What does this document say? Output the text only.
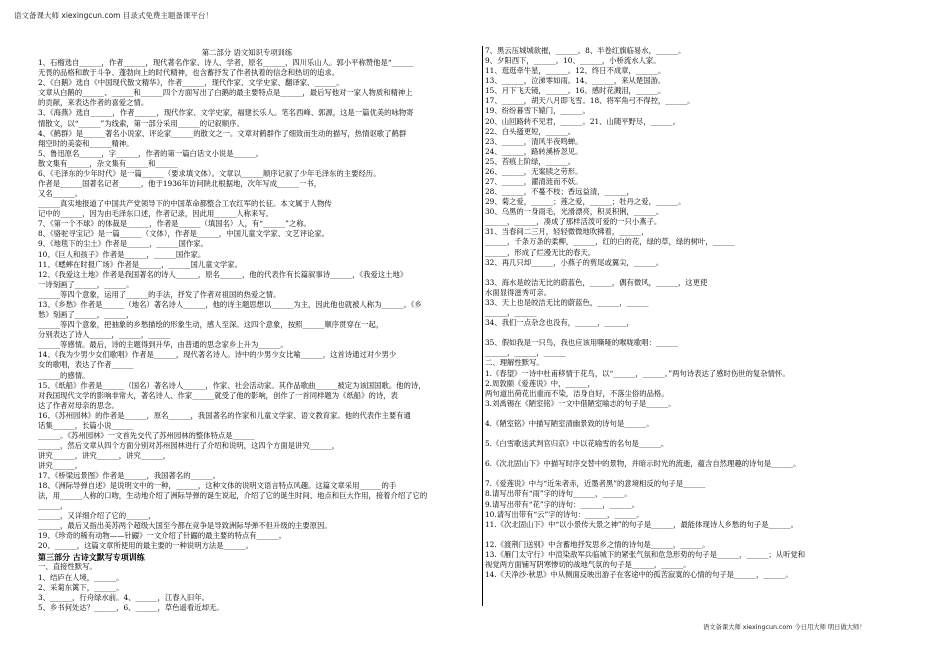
语文备课大师 xiexingcun.com 目录式免费主题备课平台！

第二部分 语文知识专项训练

1、石榴选自______，作者______，现代著名作家、诗人、学者，原名______，四川乐山人。郭小平称赞他是“______

无畏的品格和敢于斗争、蓬勃向上的时代精神，也含蓄抒发了作者执着的信念和热切的追求。

2、《白鹅》选自《中国现代散文精华》，作者______，现代作家、文学史家、翻译家、______。

文章从白鹅的______、______和______四个方面写出了白鹅的最主要特点是______，最后写他对一家人物质和精神上

的贡献，来表达作者的喜爱之情。

3、《海燕》选自______，作者______，现代作家、文学史家，福建长乐人。笔名西峰、郭源，这是一篇优美的咏物寄

情散文，以“______”为线索，第一部分采用______的记叙顺序。

4、《鹤群》是______著名小说家、评论家______的散文之一。文章对鹤群作了细致而生动的描写，热情讴歌了鹤群

翔空时的美姿和______精神。

5、鲁迅原名______，字______，作者的第一篇白话文小说是______。

散文集有______，杂文集有______和______

6、《毛泽东的少年时代》是一篇______（要求填文体）。文章以______顺序记叙了少年毛泽东的主要经历。

作者是______国著名记者______，他于1936年访问陕北根据地，次年写成______一书，

又名______。

______真实地报道了中国共产党领导下的中国革命都整合工农红军的长征。本文属于人物传

记中的______，因为由毛泽东口述，作者记录，因此用______人称来写。

7、《第一个不球》的体裁是______，作者是______（填国名）人，有“______”之称。

8、《骆驼寻宝记》是一篇______（文体），作者是______，中国儿童文学家、文艺评论家。

9、《地毯下的尘土》作者是______，______国作家。

10、《巨人和孩子》作者是______，______国作家。

11、《蟋蟀在时报广场》作者是______，______国儿童文学家。

12、《我爱这土地》作者是我国著名的诗人______，原名______，他的代表作有长篇叙事诗______，《我爱这土地》

一诗刻画了______，______。

______等四个意象，运用了______的手法，抒发了作者对祖国的热爱之情。

13、《乡愁》作者是______（地名）著名诗人______，他的诗主题思想以______为主，因此他也就被人称为______。《乡

愁》刻画了______，______，

______等四个意象，把抽象的乡愁描绘的形象生动，感人至深。这四个意象，按照______顺序贯穿在一起，

分别表达了诗人______，______，______

______等感情。最后，诗的主题得到升华，由普通的思念家乡上升为______。

14、《我为少男少女们歌唱》作者是______，现代著名诗人。诗中的少男少女比喻______，这首诗通过对少男少

女的歌唱，表达了作者______

______的感情。

15、《纸船》作者是______（国名）著名诗人______，作家、社会活动家。其作品歌曲______被定为该国国歌。他的诗，

对我国现代文学的影响非常大，著名诗人、作家______就受了他的影响，创作了一首同样题为《纸船》的诗，表

达了作者对母亲的思念。

16、《苏州园林》的作者是______，原名______，我国著名的作家和儿童文学家、语文教育家。他的代表作主要有通

话集______，长篇小说______

______。《苏州园林》一文首先交代了苏州园林的整体特点是______

______，然后文章从四个方面分别对苏州园林进行了介绍和说明，这四个方面是讲究______，

讲究______，讲究______，讲究______，

讲究______。

17、《桥梁远景图》作者是______，我国著名的______。

18、《洲际导弹自述》是说明文中的一种，______，这种文体的说明文语言特点风趣。这篇文章采用______的手

法，用______人称的口吻，生动地介绍了洲际导弹的诞生说起，介绍了它的诞生时间、地点和巨大作用，接着介绍了它的______，

______，又详细介绍了它的______，

______，最后又指出美苏两个超级大国至今都在竞争是导致洲际导弹不但升级的主要原因。

19、《珍奇的稀有动物——针鼹》一文介绍了针鼹的最主要的特点有______。

20、______，这篇文章所使用的最主要的一种说明方法是______。

第三部分 古诗文默写专项训练

一、直接性默写。

1、结庐在人境，______。

2、采菊东篱下，______。

3、______，行舟绿水前。4、______，江春入旧年。

5、乡书何处达？______，6、______，草色遥看近却无。

7、黑云压城城欲摧，______。8、半卷红旗临易水，______。

9、夕阳西下，______。10、______，小桥流水人家。

11、逛逛牵牛星，______。12、终日不成章，______。

13、______，泣涕零如雨。14、______，来从楚国游。

15、月下飞天镜，______。16、感时花溅泪，______。

17、______，胡天八月即飞雪。18、将军角弓不得控，______。

19、纷纷暮雪下辕门，______。

20、山回路转不见君，______。21、山随平野尽，______。

22、白头搔更短，______。

23、______，清风半夜鸣蝉。

24、______，路转溪桥忽见。

25、苔痕上阶绿，______。

26、______，无案牍之劳形。

27、______，濯清涟而不妖。

28、______，不蔓不枝；香远益清，______，

29、菊之爱，______；莲之爱，______；牡丹之爱，______。

30、乌黑的一身雨毛，光滑漂亮，积灵积俐，______。

______，______，凑成了那样活泼可爱的一只小燕子。

31、当春间二三月，轻轻微微地吹拂着，______，

______，千条万条的柔柳，______，红的白的花，绿的草，绿的树叶，______

______，形成了烂漫无比的春天。

32、再几只却______，小燕子的剪尾或翼尖，______。

33、海水是皎洁无比的蔚蓝色，______，偶有微风，______，这更使

水面显得滋秀可亲。

33、天上也是皎洁无比的蔚蓝色，______，______

______，______

34、我们一点杂念也没有，______，______，

35、假如我是一只鸟，我也应该用嘶哑的喉咙歌唱：______

______，______，______

二、理解性默写。

1.《春望》一诗中杜甫移情于花鸟，以“______，______。”两句诗表达了感时伤世的复杂情怀。

2.周敦颐《爱莲说》中，______，

两句道出荷花出重而不染，洁身自好，不落尘俗的品格。

3.刘禹锡在《陋室铭》一文中借陋室喻志的句子是______。

4.《陋室铭》中描写陋室清幽景致的诗句是______。

5.《白雪歌送武判官归京》中以花喻雪的名句是______。

6.《次北固山下》中描写时序交替中的景物，并暗示时光的流逝，蕴含自然理趣的诗句是______。

7.《爱莲说》中与“近朱者赤，近墨者黑”的意境相反的句子是______

8.请写出带有“雨”字的诗句______，______。

9.请写出带有“花”字的诗句：______，______。

10.请写出带有“云”字的诗句：______，______。

11.《次北固山下》中“以小景传大景之神”的句子是______，最能体现诗人乡愁的句子是______。

12.《渡荆门送别》中含蓄地抒发思乡之情的诗句是______，______。

13.《雁门太守行》中渲染敌军兵临城下的紧张气氛和危急形势的句子是______，______；从听觉和

视觉两方面铺写阴寒惨切的战地气氛的句子是______，______。

14.《天净沙·秋思》中从侧面反映出游子在客途中的孤苦寂寞的心情的句子是______，______。

语文备课大师 xiexingcun.com 今日用大师 明日做大师！
